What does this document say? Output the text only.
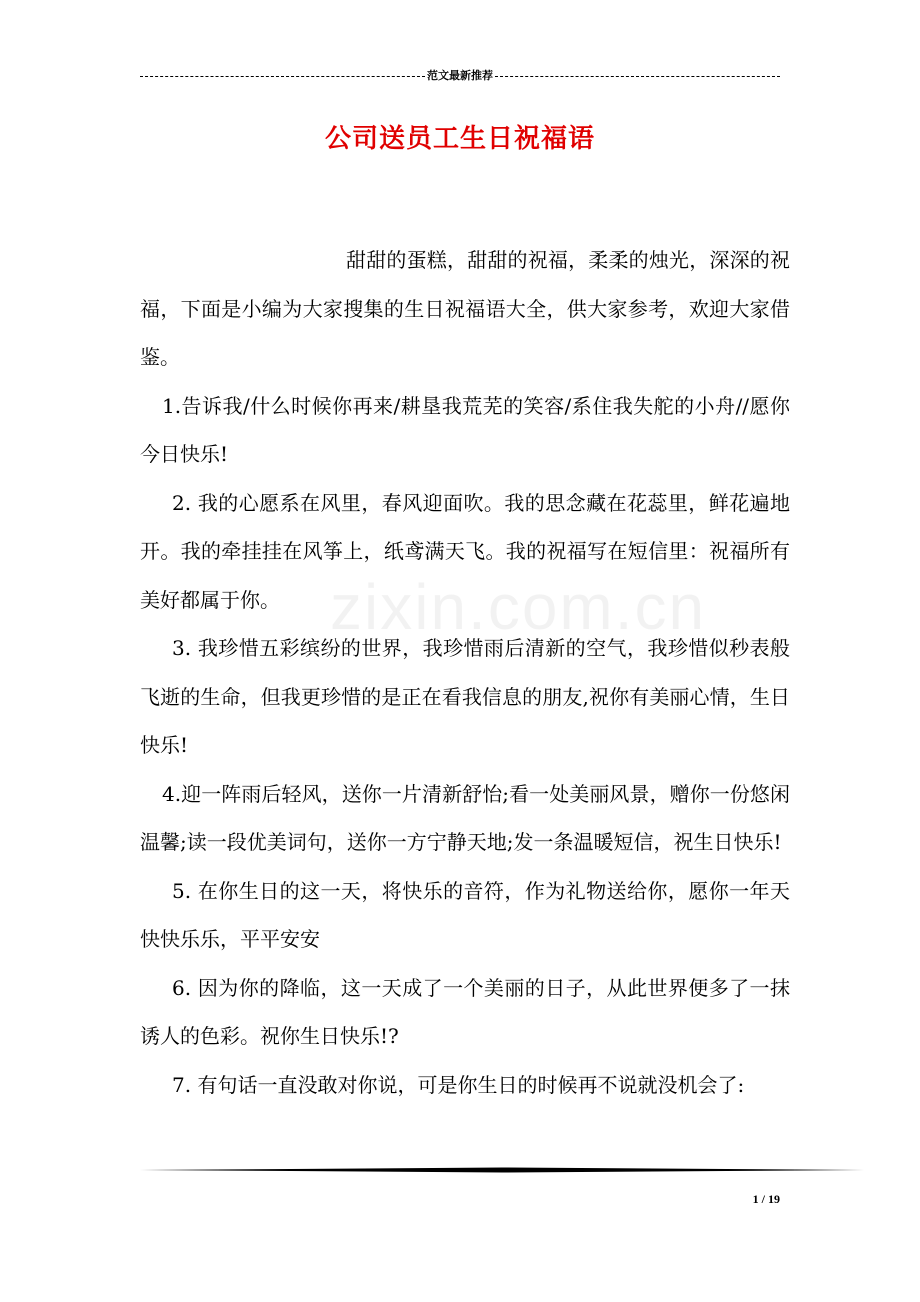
范文最新推荐
公司送员工生日祝福语
zixin.com.cn

甜甜的蛋糕，甜甜的祝福，柔柔的烛光，深深的祝福，下面是小编为大家搜集的生日祝福语大全，供大家参考，欢迎大家借鉴。

1.告诉我/什么时候你再来/耕垦我荒芜的笑容/系住我失舵的小舟//愿你今日快乐!

2. 我的心愿系在风里，春风迎面吹。我的思念藏在花蕊里，鲜花遍地开。我的牵挂挂在风筝上，纸鸢满天飞。我的祝福写在短信里：祝福所有美好都属于你。

3. 我珍惜五彩缤纷的世界，我珍惜雨后清新的空气，我珍惜似秒表般飞逝的生命，但我更珍惜的是正在看我信息的朋友,祝你有美丽心情，生日快乐!

4.迎一阵雨后轻风，送你一片清新舒怡;看一处美丽风景，赠你一份悠闲温馨;读一段优美词句，送你一方宁静天地;发一条温暖短信，祝生日快乐!

5. 在你生日的这一天，将快乐的音符，作为礼物送给你，愿你一年天快快乐乐，平平安安

6. 因为你的降临，这一天成了一个美丽的日子，从此世界便多了一抹诱人的色彩。祝你生日快乐!?

7. 有句话一直没敢对你说，可是你生日的时候再不说就没机会了:

1 / 19
